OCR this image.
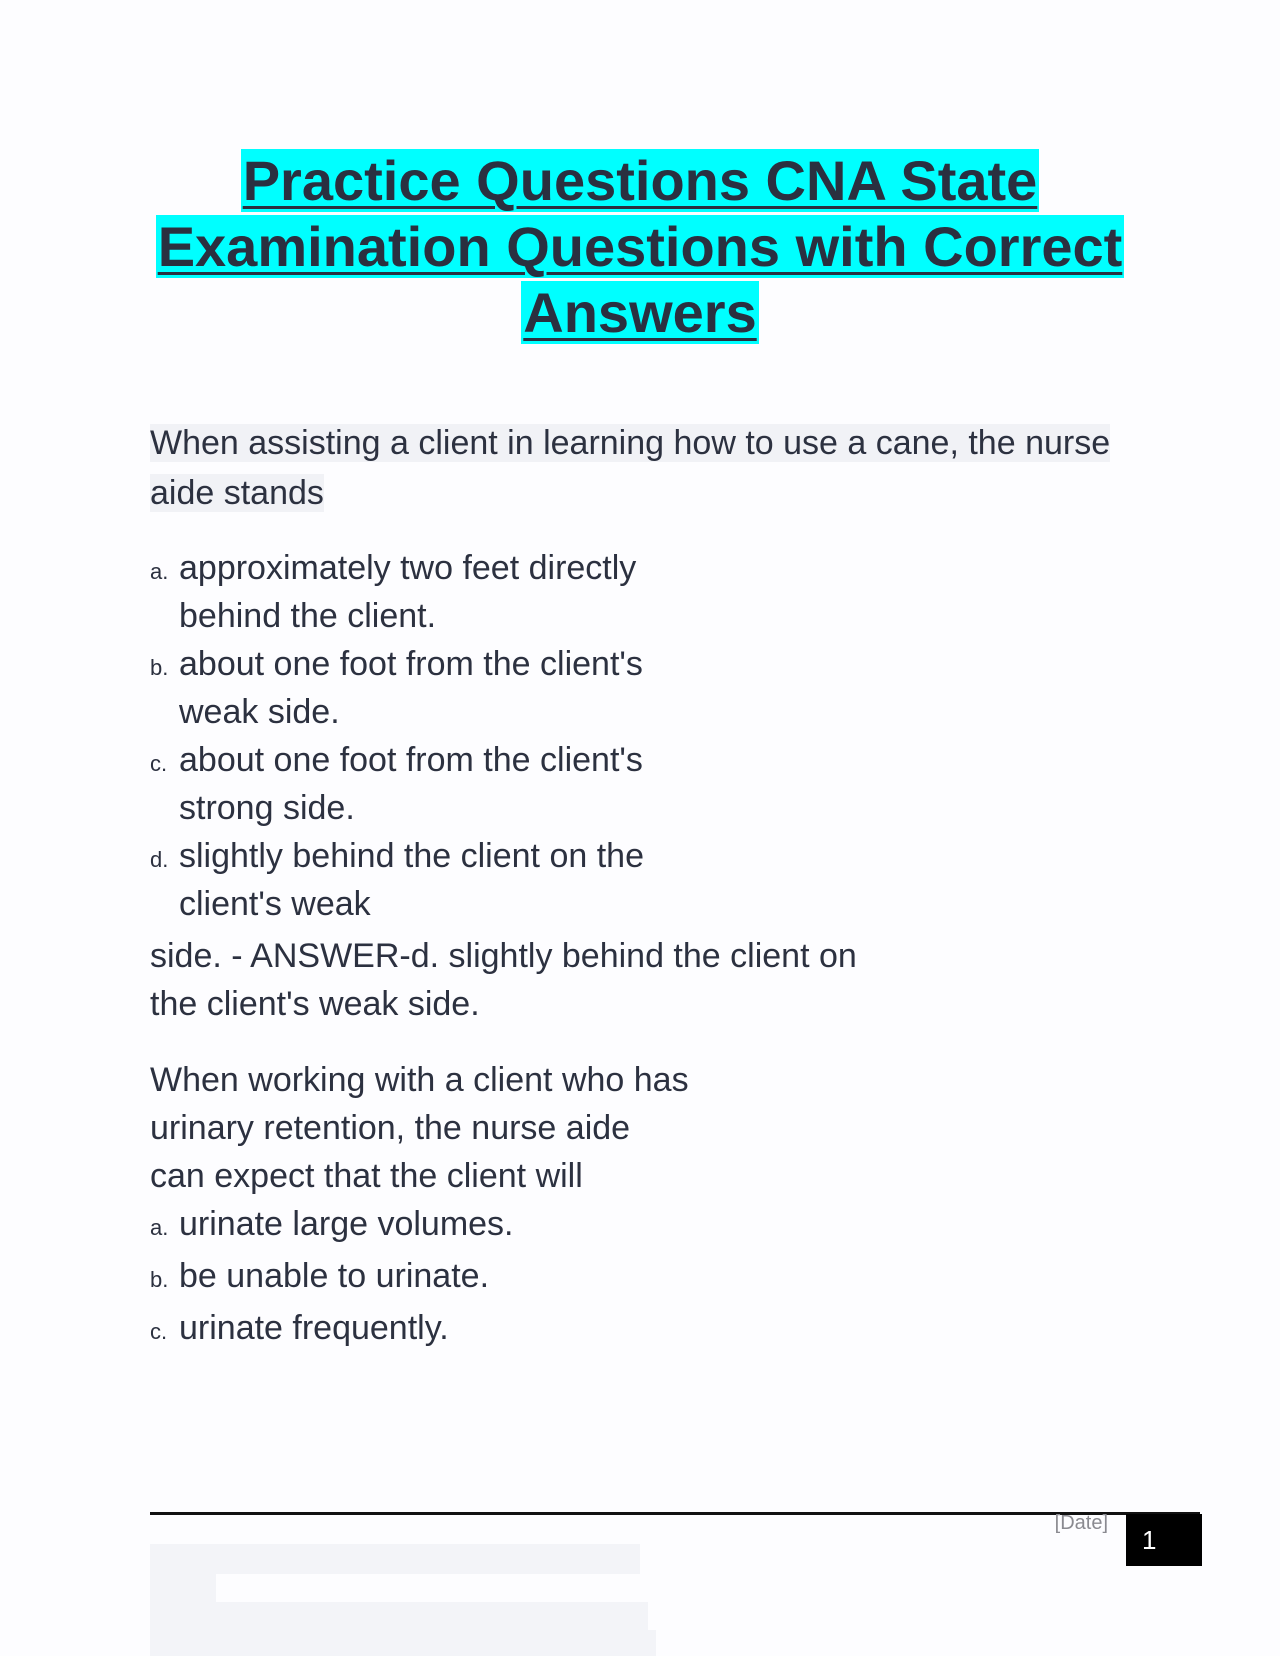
Practice Questions CNA State
Examination Questions with Correct
Answers
When assisting a client in learning how to use a cane, the nurse aide stands
a. approximately two feet directly behind the client.
b. about one foot from the client's weak side.
c. about one foot from the client's strong side.
d. slightly behind the client on the client's weak
side. - ANSWER-d. slightly behind the client on the client's weak side.
When working with a client who has urinary retention, the nurse aide can expect that the client will
a. urinate large volumes.
b. be unable to urinate.
c. urinate frequently.
[Date]
1
